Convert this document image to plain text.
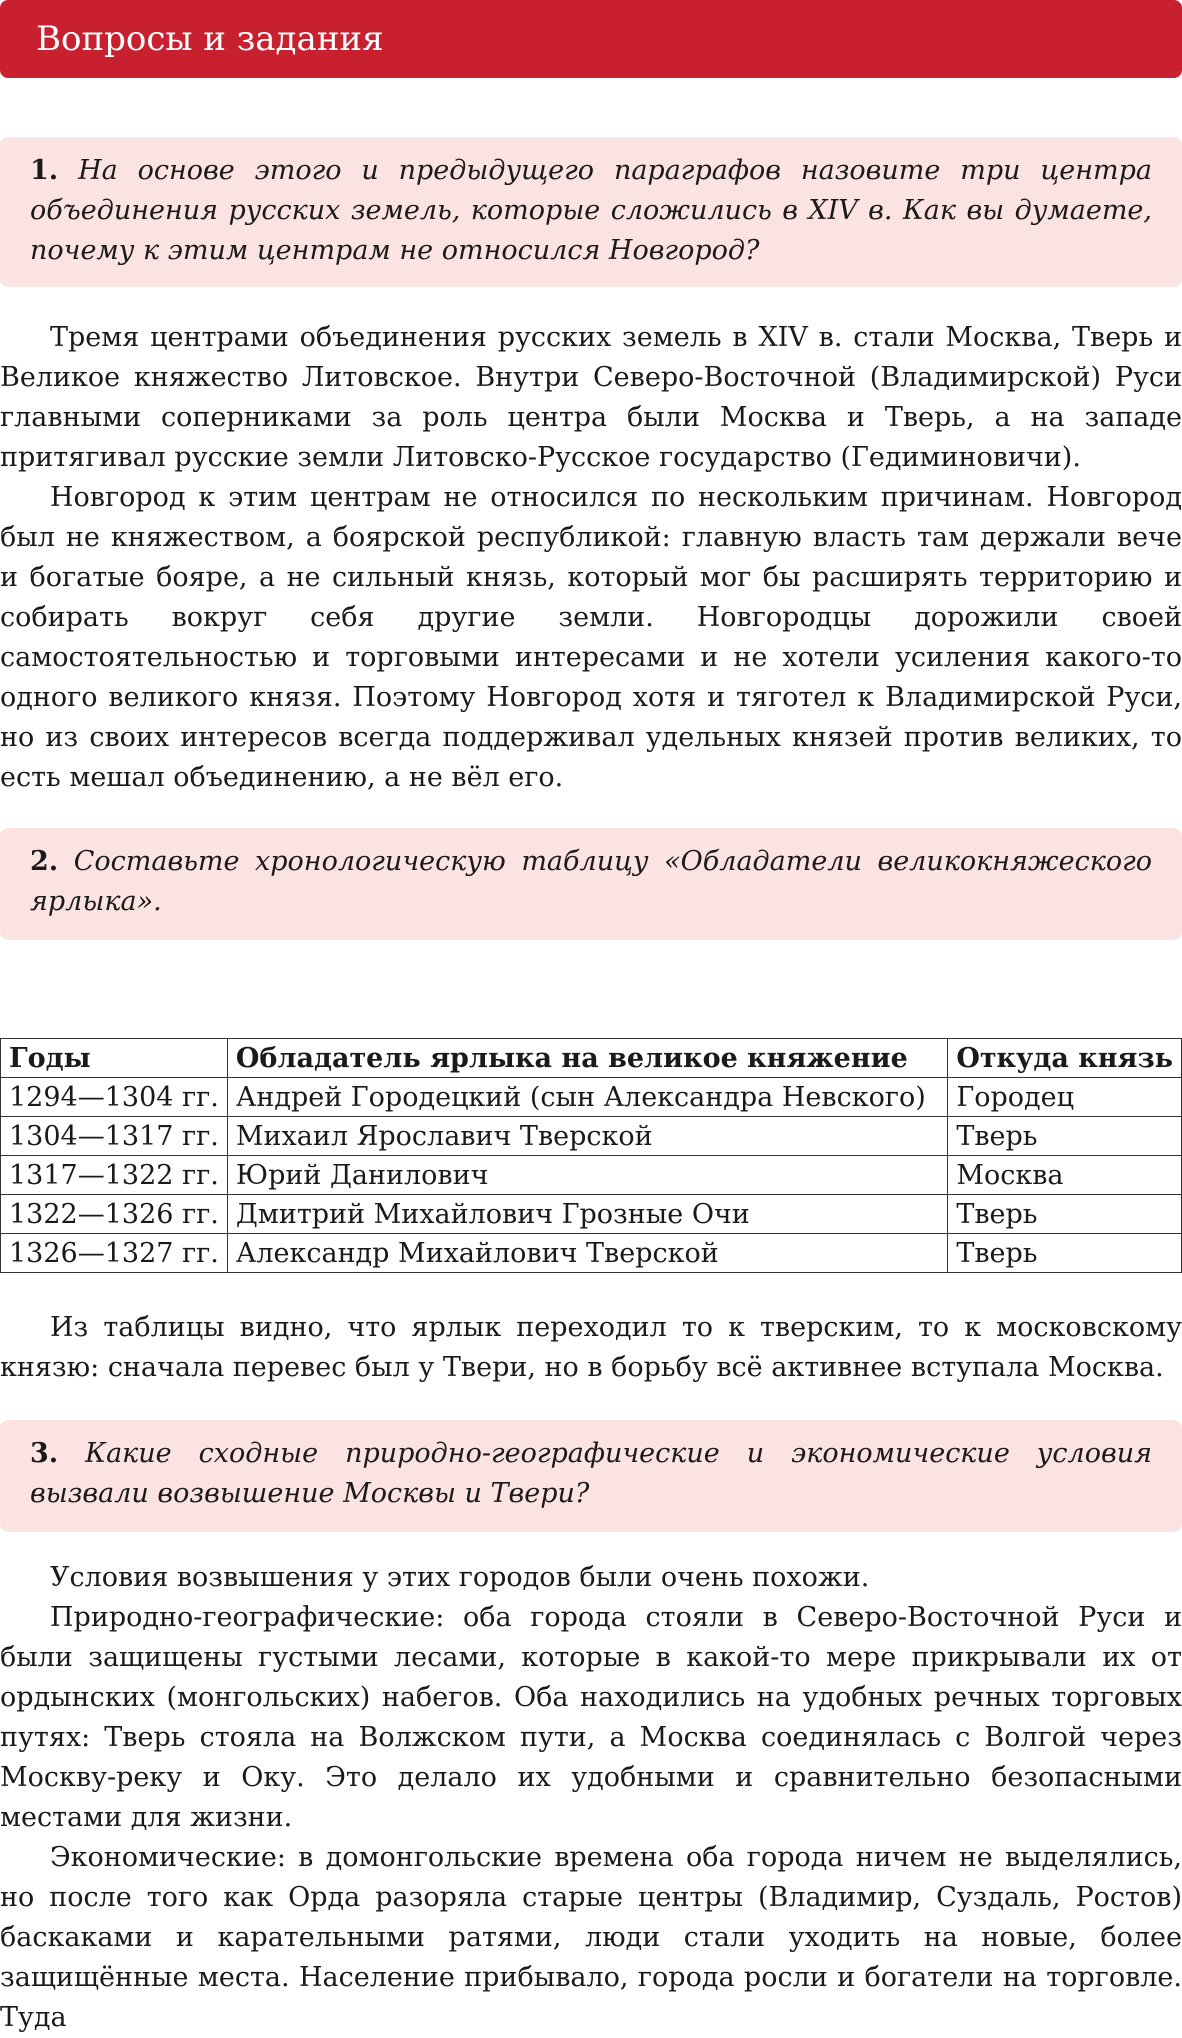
Вопросы и задания
1. На основе этого и предыдущего параграфов назовите три центра объединения русских земель, которые сложились в XIV в. Как вы думаете, почему к этим центрам не относился Новгород?

Тремя центрами объединения русских земель в XIV в. стали Москва, Тверь и Великое княжество Литовское. Внутри Северо-Восточной (Владимирской) Руси главными соперниками за роль центра были Москва и Тверь, а на западе притягивал русские земли Литовско-Русское государство (Гедиминовичи).

Новгород к этим центрам не относился по нескольким причинам. Новгород был не княжеством, а боярской республикой: главную власть там держали вече и богатые бояре, а не сильный князь, который мог бы расширять территорию и собирать вокруг себя другие земли. Новгородцы дорожили своей самостоятельностью и торговыми интересами и не хотели усиления какого-то одного великого князя. Поэтому Новгород хотя и тяготел к Владимирской Руси, но из своих интересов всегда поддерживал удельных князей против великих, то есть мешал объединению, а не вёл его.

2. Составьте хронологическую таблицу «Обладатели великокняжеского ярлыка».
Годы	Обладатель ярлыка на великое княжение	Откуда князь
1294—1304 гг.	Андрей Городецкий (сын Александра Невского)	Городец
1304—1317 гг.	Михаил Ярославич Тверской	Тверь
1317—1322 гг.	Юрий Данилович	Москва
1322—1326 гг.	Дмитрий Михайлович Грозные Очи	Тверь
1326—1327 гг.	Александр Михайлович Тверской	Тверь

Из таблицы видно, что ярлык переходил то к тверским, то к московскому князю: сначала перевес был у Твери, но в борьбу всё активнее вступала Москва.

3. Какие сходные природно-географические и экономические условия вызвали возвышение Москвы и Твери?

Условия возвышения у этих городов были очень похожи.

Природно-географические: оба города стояли в Северо-Восточной Руси и были защищены густыми лесами, которые в какой-то мере прикрывали их от ордынских (монгольских) набегов. Оба находились на удобных речных торговых путях: Тверь стояла на Волжском пути, а Москва соединялась с Волгой через Москву-реку и Оку. Это делало их удобными и сравнительно безопасными местами для жизни.

Экономические: в домонгольские времена оба города ничем не выделялись, но после того как Орда разоряла старые центры (Владимир, Суздаль, Ростов) баскаками и карательными ратями, люди стали уходить на новые, более защищённые места. Население прибывало, города росли и богатели на торговле. Туда
